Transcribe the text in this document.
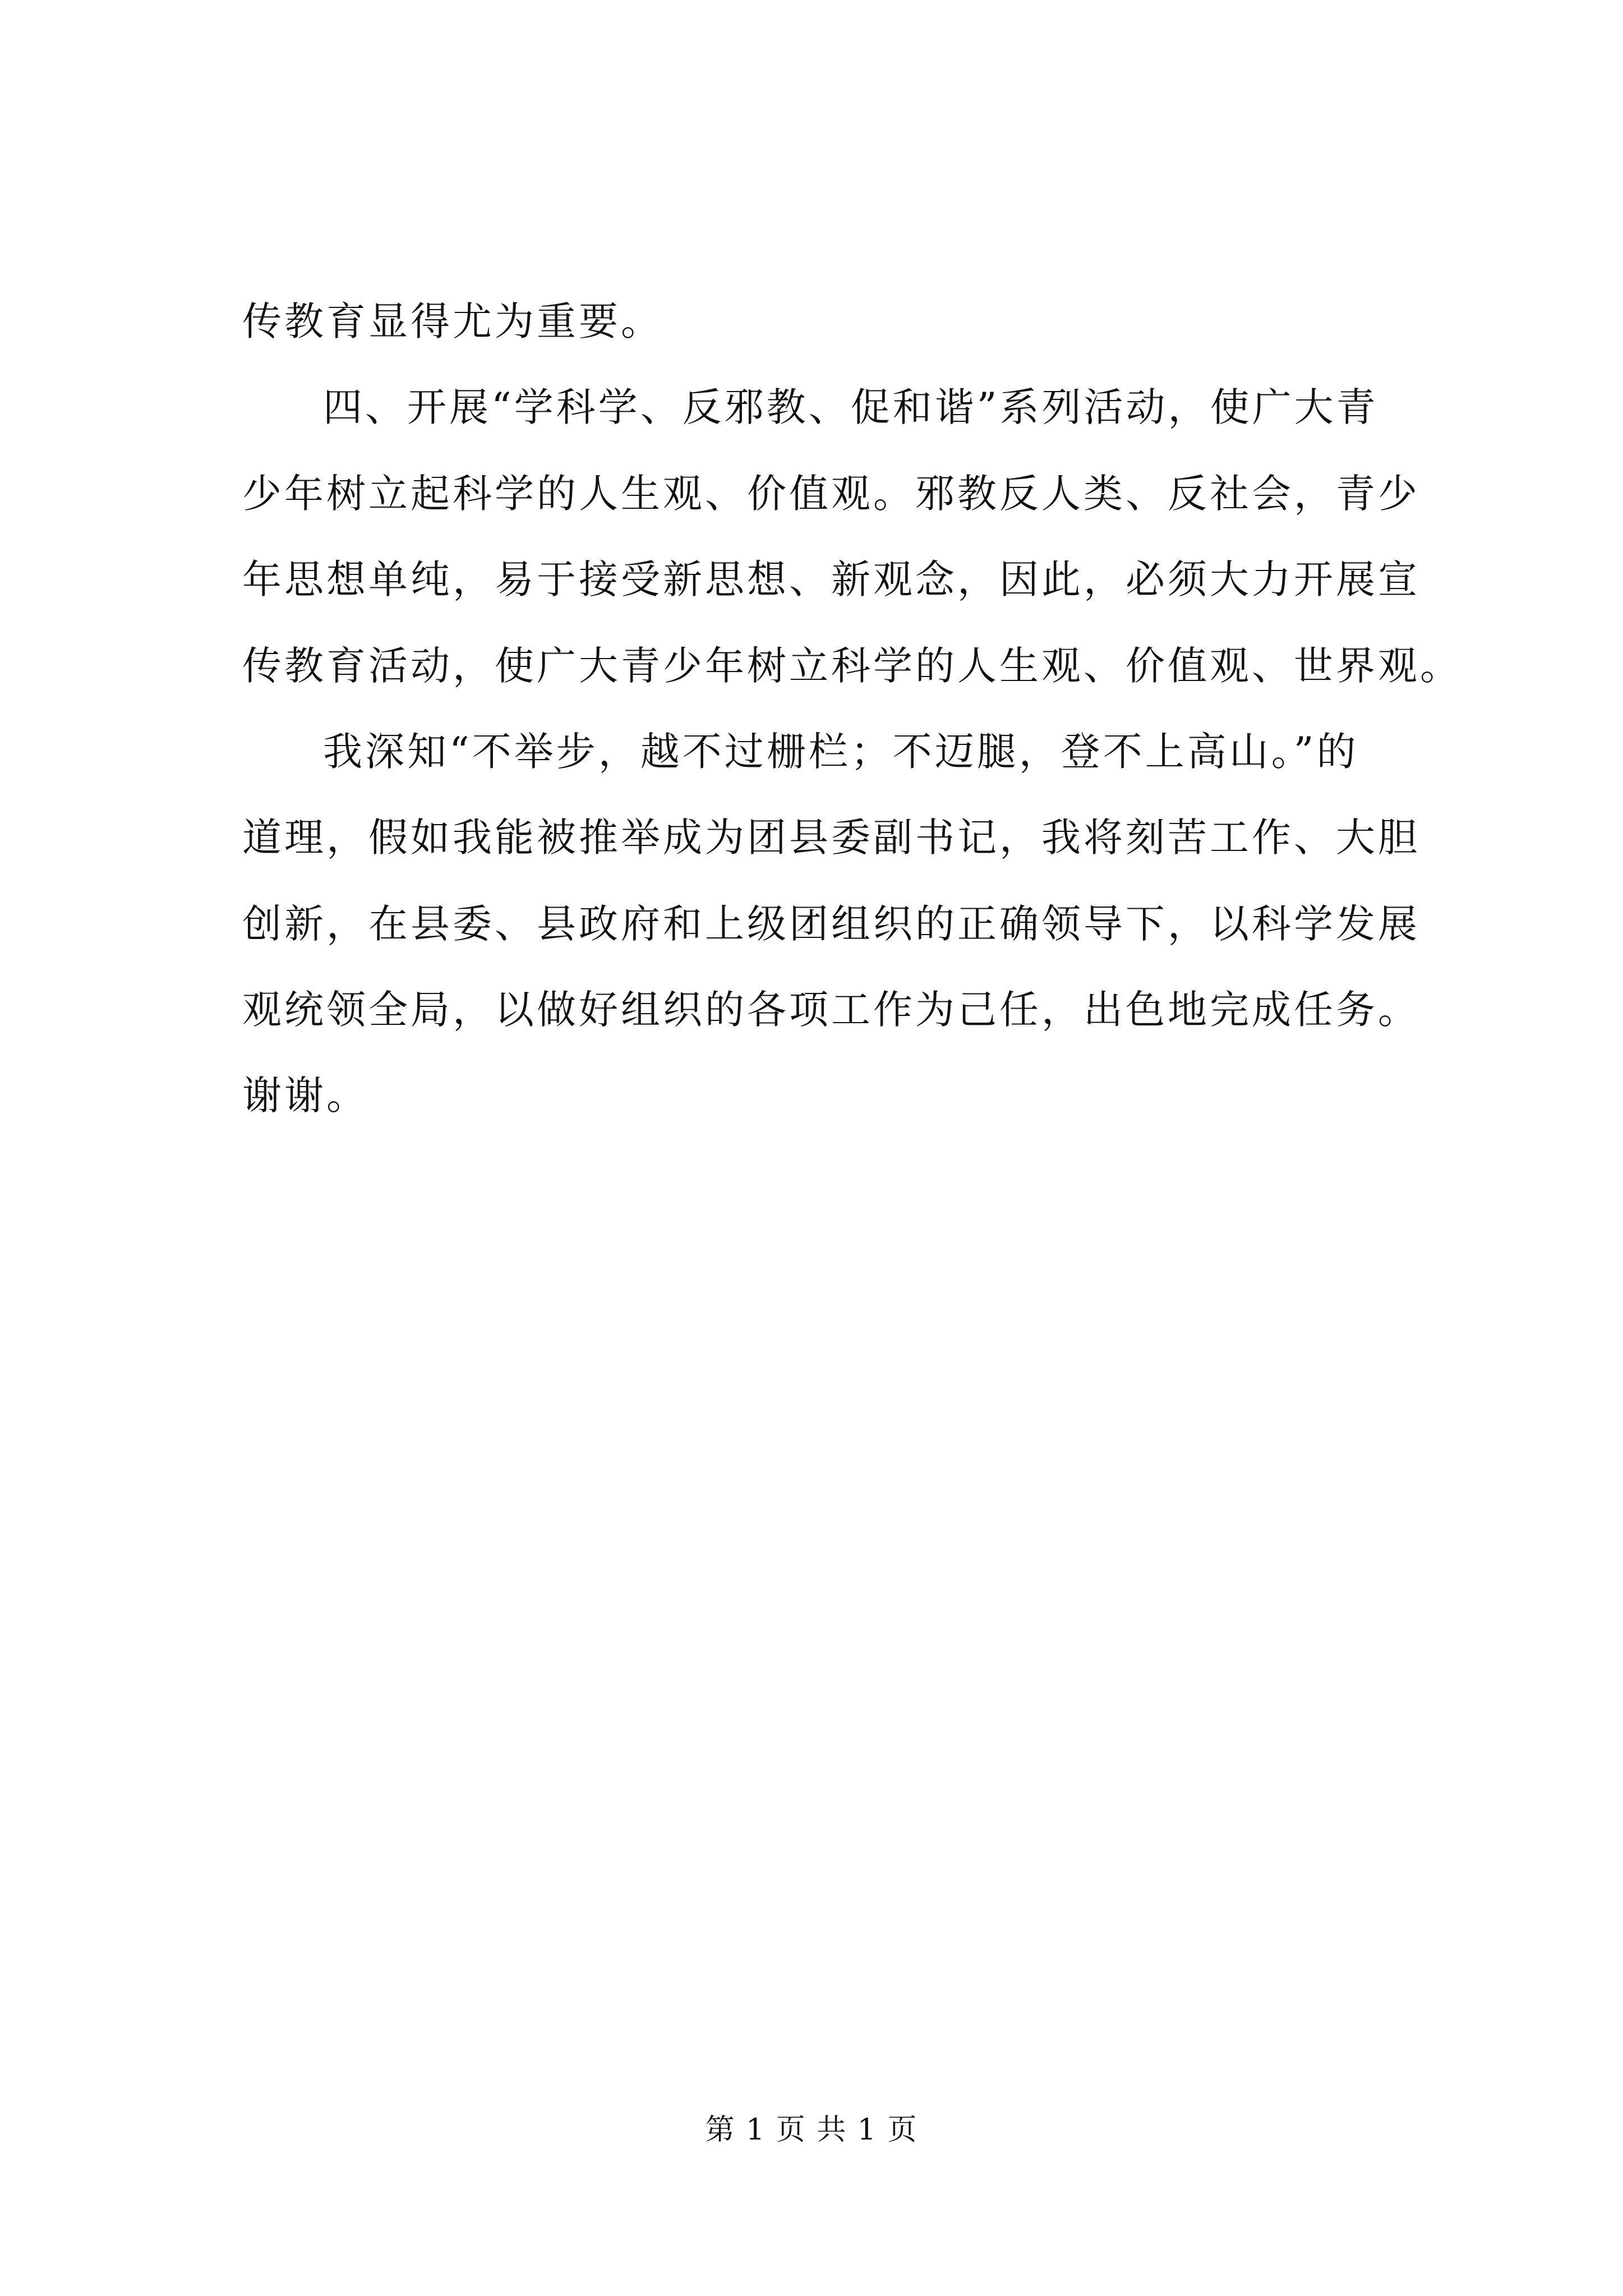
传教育显得尤为重要。
四、开展“学科学、反邪教、促和谐”系列活动，使广大青
少年树立起科学的人生观、价值观。邪教反人类、反社会，青少
年思想单纯，易于接受新思想、新观念，因此，必须大力开展宣
传教育活动，使广大青少年树立科学的人生观、价值观、世界观。
我深知“不举步，越不过栅栏；不迈腿，登不上高山。”的
道理，假如我能被推举成为团县委副书记，我将刻苦工作、大胆
创新，在县委、县政府和上级团组织的正确领导下，以科学发展
观统领全局，以做好组织的各项工作为己任，出色地完成任务。
谢谢。
第 1 页 共 1 页
